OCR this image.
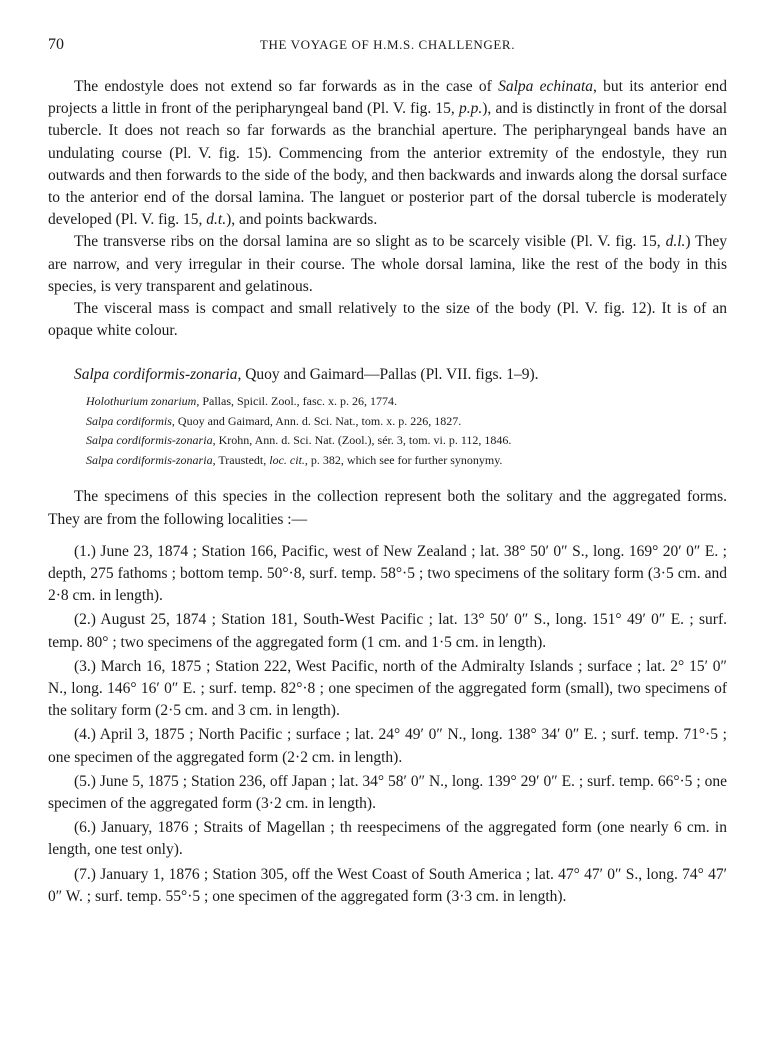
70	THE VOYAGE OF H.M.S. CHALLENGER.

The endostyle does not extend so far forwards as in the case of Salpa echinata, but its anterior end projects a little in front of the peripharyngeal band (Pl. V. fig. 15, p.p.), and is distinctly in front of the dorsal tubercle. It does not reach so far forwards as the branchial aperture. The peripharyngeal bands have an undulating course (Pl. V. fig. 15). Commencing from the anterior extremity of the endostyle, they run outwards and then forwards to the side of the body, and then backwards and inwards along the dorsal surface to the anterior end of the dorsal lamina. The languet or posterior part of the dorsal tubercle is moderately developed (Pl. V. fig. 15, d.t.), and points backwards.

The transverse ribs on the dorsal lamina are so slight as to be scarcely visible (Pl. V. fig. 15, d.l.) They are narrow, and very irregular in their course. The whole dorsal lamina, like the rest of the body in this species, is very transparent and gelatinous.

The visceral mass is compact and small relatively to the size of the body (Pl. V. fig. 12). It is of an opaque white colour.

Salpa cordiformis-zonaria, Quoy and Gaimard—Pallas (Pl. VII. figs. 1–9).
Holothurium zonarium, Pallas, Spicil. Zool., fasc. x. p. 26, 1774.
Salpa cordiformis, Quoy and Gaimard, Ann. d. Sci. Nat., tom. x. p. 226, 1827.
Salpa cordiformis-zonaria, Krohn, Ann. d. Sci. Nat. (Zool.), sér. 3, tom. vi. p. 112, 1846.
Salpa cordiformis-zonaria, Traustedt, loc. cit., p. 382, which see for further synonymy.

The specimens of this species in the collection represent both the solitary and the aggregated forms. They are from the following localities :—

(1.) June 23, 1874 ; Station 166, Pacific, west of New Zealand ; lat. 38° 50′ 0″ S., long. 169° 20′ 0″ E. ; depth, 275 fathoms ; bottom temp. 50°·8, surf. temp. 58°·5 ; two specimens of the solitary form (3·5 cm. and 2·8 cm. in length).

(2.) August 25, 1874 ; Station 181, South-West Pacific ; lat. 13° 50′ 0″ S., long. 151° 49′ 0″ E. ; surf. temp. 80° ; two specimens of the aggregated form (1 cm. and 1·5 cm. in length).

(3.) March 16, 1875 ; Station 222, West Pacific, north of the Admiralty Islands ; surface ; lat. 2° 15′ 0″ N., long. 146° 16′ 0″ E. ; surf. temp. 82°·8 ; one specimen of the aggregated form (small), two specimens of the solitary form (2·5 cm. and 3 cm. in length).

(4.) April 3, 1875 ; North Pacific ; surface ; lat. 24° 49′ 0″ N., long. 138° 34′ 0″ E. ; surf. temp. 71°·5 ; one specimen of the aggregated form (2·2 cm. in length).

(5.) June 5, 1875 ; Station 236, off Japan ; lat. 34° 58′ 0″ N., long. 139° 29′ 0″ E. ; surf. temp. 66°·5 ; one specimen of the aggregated form (3·2 cm. in length).

(6.) January, 1876 ; Straits of Magellan ; th reespecimens of the aggregated form (one nearly 6 cm. in length, one test only).

(7.) January 1, 1876 ; Station 305, off the West Coast of South America ; lat. 47° 47′ 0″ S., long. 74° 47′ 0″ W. ; surf. temp. 55°·5 ; one specimen of the aggregated form (3·3 cm. in length).
